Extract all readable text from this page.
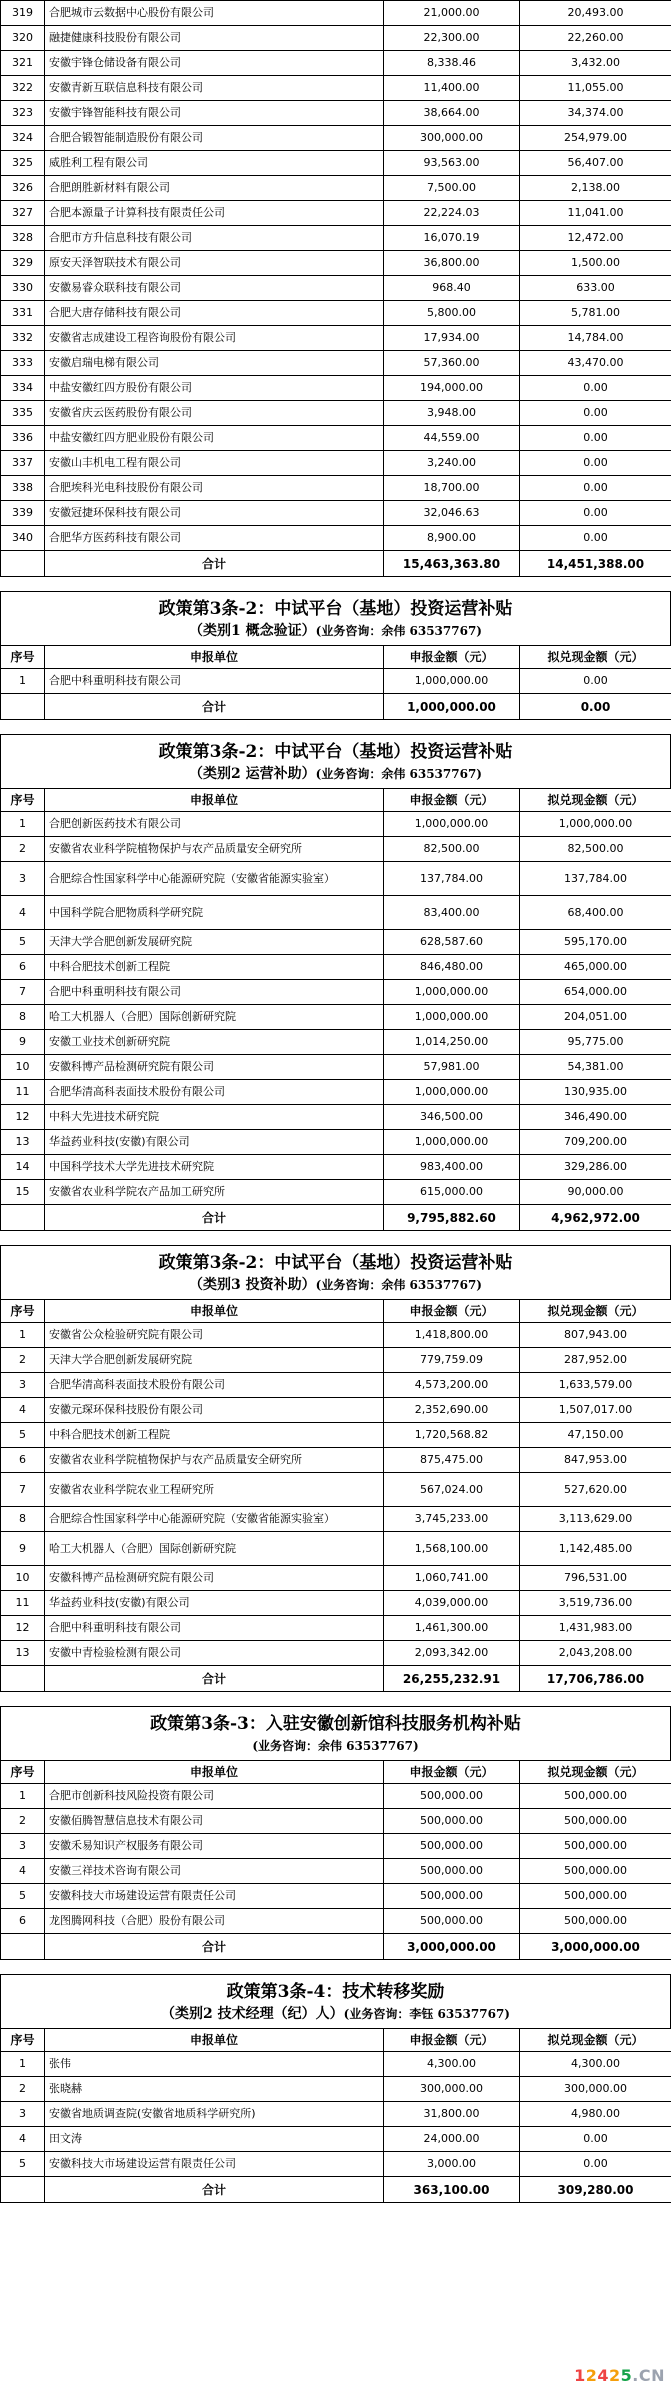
319	合肥城市云数据中心股份有限公司	21,000.00	20,493.00
320	融捷健康科技股份有限公司	22,300.00	22,260.00
321	安徽宇锋仓储设备有限公司	8,338.46	3,432.00
322	安徽青新互联信息科技有限公司	11,400.00	11,055.00
323	安徽宇锋智能科技有限公司	38,664.00	34,374.00
324	合肥合锻智能制造股份有限公司	300,000.00	254,979.00
325	威胜利工程有限公司	93,563.00	56,407.00
326	合肥朗胜新材料有限公司	7,500.00	2,138.00
327	合肥本源量子计算科技有限责任公司	22,224.03	11,041.00
328	合肥市方升信息科技有限公司	16,070.19	12,472.00
329	原安天泽智联技术有限公司	36,800.00	1,500.00
330	安徽易睿众联科技有限公司	968.40	633.00
331	合肥大唐存储科技有限公司	5,800.00	5,781.00
332	安徽省志成建设工程咨询股份有限公司	17,934.00	14,784.00
333	安徽启瑞电梯有限公司	57,360.00	43,470.00
334	中盐安徽红四方股份有限公司	194,000.00	0.00
335	安徽省庆云医药股份有限公司	3,948.00	0.00
336	中盐安徽红四方肥业股份有限公司	44,559.00	0.00
337	安徽山丰机电工程有限公司	3,240.00	0.00
338	合肥埃科光电科技股份有限公司	18,700.00	0.00
339	安徽冠捷环保科技有限公司	32,046.63	0.00
340	合肥华方医药科技有限公司	8,900.00	0.00
	合计	15,463,363.80	14,451,388.00
政策第3条-2：中试平台（基地）投资运营补贴
（类别1 概念验证）(业务咨询：余伟 63537767)
序号	申报单位	申报金额（元）	拟兑现金额（元）
1	合肥中科重明科技有限公司	1,000,000.00	0.00
	合计	1,000,000.00	0.00
政策第3条-2：中试平台（基地）投资运营补贴
（类别2 运营补助）(业务咨询：余伟 63537767)
序号	申报单位	申报金额（元）	拟兑现金额（元）
1	合肥创新医药技术有限公司	1,000,000.00	1,000,000.00
2	安徽省农业科学院植物保护与农产品质量安全研究所	82,500.00	82,500.00
3	合肥综合性国家科学中心能源研究院（安徽省能源实验室）	137,784.00	137,784.00
4	中国科学院合肥物质科学研究院	83,400.00	68,400.00
5	天津大学合肥创新发展研究院	628,587.60	595,170.00
6	中科合肥技术创新工程院	846,480.00	465,000.00
7	合肥中科重明科技有限公司	1,000,000.00	654,000.00
8	哈工大机器人（合肥）国际创新研究院	1,000,000.00	204,051.00
9	安徽工业技术创新研究院	1,014,250.00	95,775.00
10	安徽科博产品检测研究院有限公司	57,981.00	54,381.00
11	合肥华清高科表面技术股份有限公司	1,000,000.00	130,935.00
12	中科大先进技术研究院	346,500.00	346,490.00
13	华益药业科技(安徽)有限公司	1,000,000.00	709,200.00
14	中国科学技术大学先进技术研究院	983,400.00	329,286.00
15	安徽省农业科学院农产品加工研究所	615,000.00	90,000.00
	合计	9,795,882.60	4,962,972.00
政策第3条-2：中试平台（基地）投资运营补贴
（类别3 投资补助）(业务咨询：余伟 63537767)
序号	申报单位	申报金额（元）	拟兑现金额（元）
1	安徽省公众检验研究院有限公司	1,418,800.00	807,943.00
2	天津大学合肥创新发展研究院	779,759.09	287,952.00
3	合肥华清高科表面技术股份有限公司	4,573,200.00	1,633,579.00
4	安徽元琛环保科技股份有限公司	2,352,690.00	1,507,017.00
5	中科合肥技术创新工程院	1,720,568.82	47,150.00
6	安徽省农业科学院植物保护与农产品质量安全研究所	875,475.00	847,953.00
7	安徽省农业科学院农业工程研究所	567,024.00	527,620.00
8	合肥综合性国家科学中心能源研究院（安徽省能源实验室）	3,745,233.00	3,113,629.00
9	哈工大机器人（合肥）国际创新研究院	1,568,100.00	1,142,485.00
10	安徽科博产品检测研究院有限公司	1,060,741.00	796,531.00
11	华益药业科技(安徽)有限公司	4,039,000.00	3,519,736.00
12	合肥中科重明科技有限公司	1,461,300.00	1,431,983.00
13	安徽中青检验检测有限公司	2,093,342.00	2,043,208.00
	合计	26,255,232.91	17,706,786.00
政策第3条-3：入驻安徽创新馆科技服务机构补贴
(业务咨询：余伟 63537767)
序号	申报单位	申报金额（元）	拟兑现金额（元）
1	合肥市创新科技风险投资有限公司	500,000.00	500,000.00
2	安徽佰腾智慧信息技术有限公司	500,000.00	500,000.00
3	安徽禾易知识产权服务有限公司	500,000.00	500,000.00
4	安徽三祥技术咨询有限公司	500,000.00	500,000.00
5	安徽科技大市场建设运营有限责任公司	500,000.00	500,000.00
6	龙图腾网科技（合肥）股份有限公司	500,000.00	500,000.00
	合计	3,000,000.00	3,000,000.00
政策第3条-4：技术转移奖励
（类别2 技术经理（纪）人）(业务咨询：李钰 63537767)
序号	申报单位	申报金额（元）	拟兑现金额（元）
1	张伟	4,300.00	4,300.00
2	张晓赫	300,000.00	300,000.00
3	安徽省地质调查院(安徽省地质科学研究所)	31,800.00	4,980.00
4	田文涛	24,000.00	0.00
5	安徽科技大市场建设运营有限责任公司	3,000.00	0.00
	合计	363,100.00	309,280.00
12425.CN
